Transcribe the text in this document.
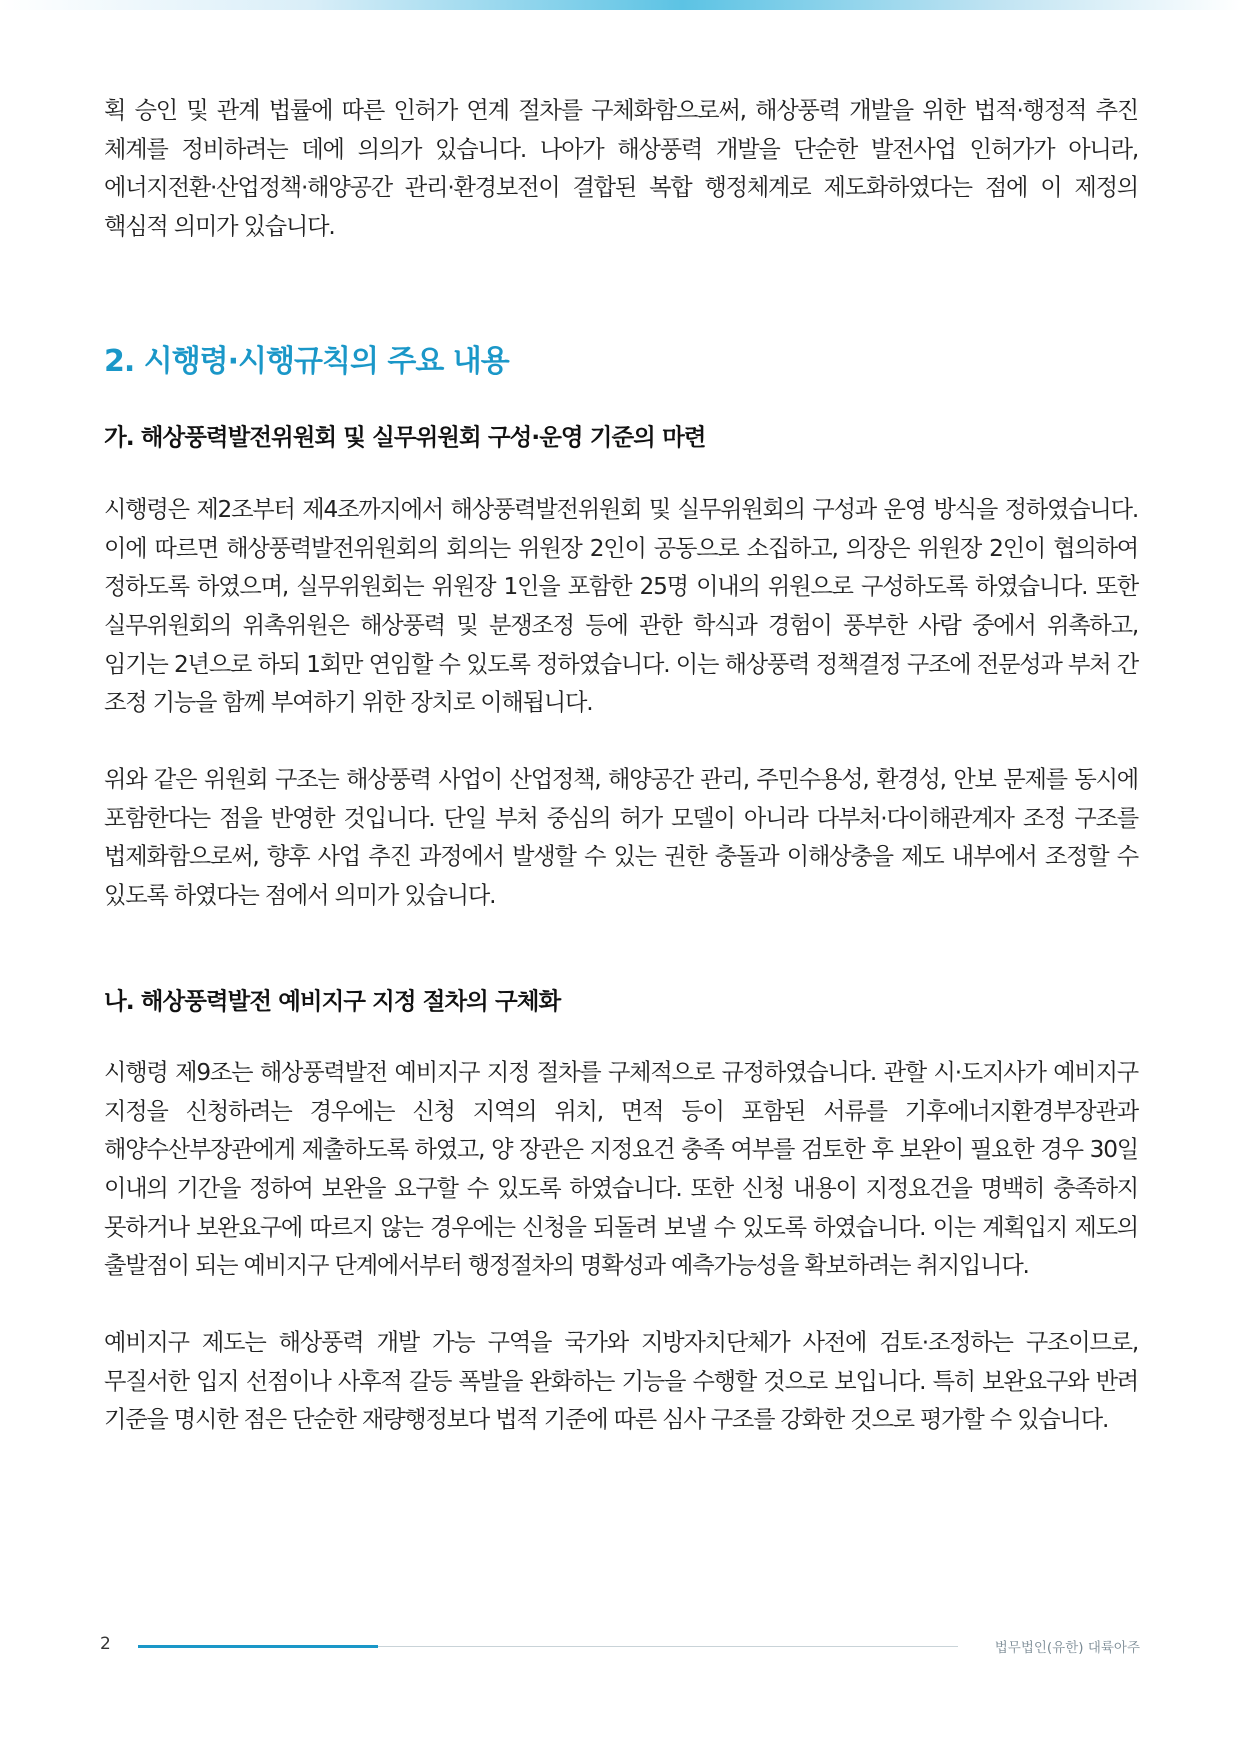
획 승인 및 관계 법률에 따른 인허가 연계 절차를 구체화함으로써, 해상풍력 개발을 위한 법적·행정적 추진 체계를 정비하려는 데에 의의가 있습니다. 나아가 해상풍력 개발을 단순한 발전사업 인허가가 아니라, 에너지전환·산업정책·해양공간 관리·환경보전이 결합된 복합 행정체계로 제도화하였다는 점에 이 제정의 핵심적 의미가 있습니다.

2. 시행령·시행규칙의 주요 내용
가. 해상풍력발전위원회 및 실무위원회 구성·운영 기준의 마련

시행령은 제2조부터 제4조까지에서 해상풍력발전위원회 및 실무위원회의 구성과 운영 방식을 정하였습니다. 이에 따르면 해상풍력발전위원회의 회의는 위원장 2인이 공동으로 소집하고, 의장은 위원장 2인이 협의하여 정하도록 하였으며, 실무위원회는 위원장 1인을 포함한 25명 이내의 위원으로 구성하도록 하였습니다. 또한 실무위원회의 위촉위원은 해상풍력 및 분쟁조정 등에 관한 학식과 경험이 풍부한 사람 중에서 위촉하고, 임기는 2년으로 하되 1회만 연임할 수 있도록 정하였습니다. 이는 해상풍력 정책결정 구조에 전문성과 부처 간 조정 기능을 함께 부여하기 위한 장치로 이해됩니다.

위와 같은 위원회 구조는 해상풍력 사업이 산업정책, 해양공간 관리, 주민수용성, 환경성, 안보 문제를 동시에 포함한다는 점을 반영한 것입니다. 단일 부처 중심의 허가 모델이 아니라 다부처·다이해관계자 조정 구조를 법제화함으로써, 향후 사업 추진 과정에서 발생할 수 있는 권한 충돌과 이해상충을 제도 내부에서 조정할 수 있도록 하였다는 점에서 의미가 있습니다.

나. 해상풍력발전 예비지구 지정 절차의 구체화

시행령 제9조는 해상풍력발전 예비지구 지정 절차를 구체적으로 규정하였습니다. 관할 시·도지사가 예비지구 지정을 신청하려는 경우에는 신청 지역의 위치, 면적 등이 포함된 서류를 기후에너지환경부장관과 해양수산부장관에게 제출하도록 하였고, 양 장관은 지정요건 충족 여부를 검토한 후 보완이 필요한 경우 30일 이내의 기간을 정하여 보완을 요구할 수 있도록 하였습니다. 또한 신청 내용이 지정요건을 명백히 충족하지 못하거나 보완요구에 따르지 않는 경우에는 신청을 되돌려 보낼 수 있도록 하였습니다. 이는 계획입지 제도의 출발점이 되는 예비지구 단계에서부터 행정절차의 명확성과 예측가능성을 확보하려는 취지입니다.

예비지구 제도는 해상풍력 개발 가능 구역을 국가와 지방자치단체가 사전에 검토·조정하는 구조이므로, 무질서한 입지 선점이나 사후적 갈등 폭발을 완화하는 기능을 수행할 것으로 보입니다. 특히 보완요구와 반려 기준을 명시한 점은 단순한 재량행정보다 법적 기준에 따른 심사 구조를 강화한 것으로 평가할 수 있습니다.

2	법무법인(유한) 대륙아주
